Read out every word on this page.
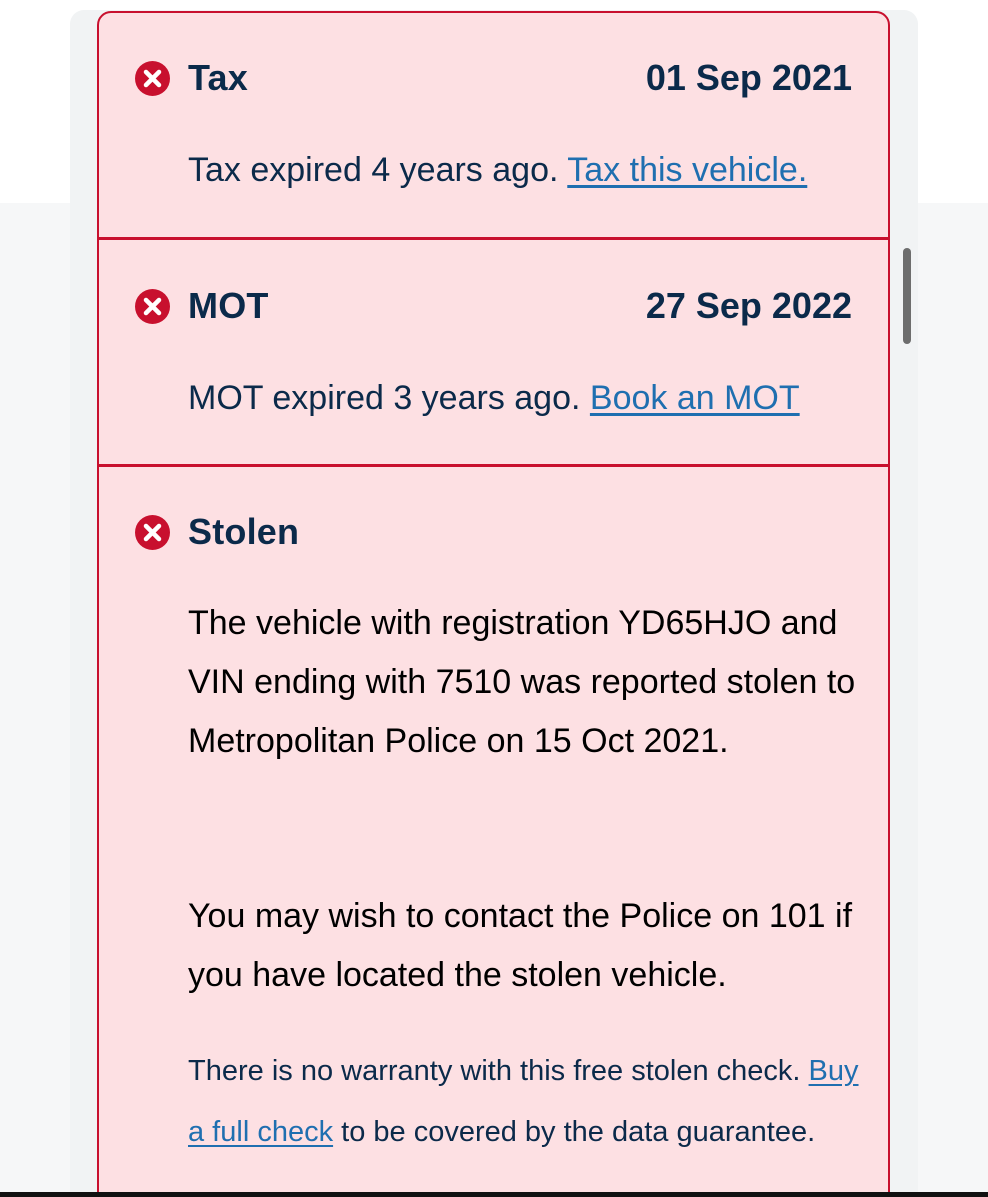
Tax	01 Sep 2021
Tax expired 4 years ago. Tax this vehicle.
MOT	27 Sep 2022
MOT expired 3 years ago. Book an MOT
Stolen

The vehicle with registration YD65HJO and VIN ending with 7510 was reported stolen to Metropolitan Police on 15 Oct 2021.

You may wish to contact the Police on 101 if you have located the stolen vehicle.

There is no warranty with this free stolen check. Buy a full check to be covered by the data guarantee.
